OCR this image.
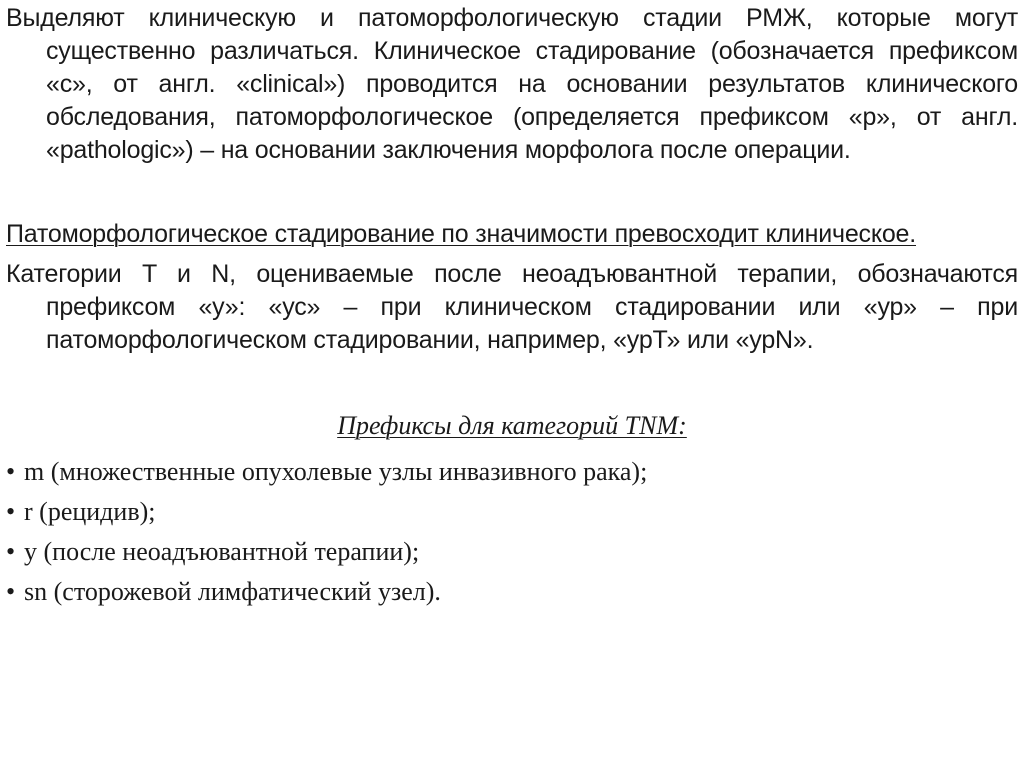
Выделяют клиническую и патоморфологическую стадии РМЖ, которые могут существенно различаться. Клиническое стадирование (обозначается префиксом «с», от англ. «clinical») проводится на основании результатов клинического обследования, патоморфологическое (определяется префиксом «р», от англ. «pathologic») – на основании заключения морфолога после операции.

Патоморфологическое стадирование по значимости превосходит клиническое.

Категории T и N, оцениваемые после неоадъювантной терапии, обозначаются префиксом «у»: «ус» – при клиническом стадировании или «ур» – при патоморфологическом стадировании, например, «урТ» или «урN».

Префиксы для категорий TNM:

• m (множественные опухолевые узлы инвазивного рака);
• r (рецидив);
• y (после неоадъювантной терапии);
• sn (сторожевой лимфатический узел).
